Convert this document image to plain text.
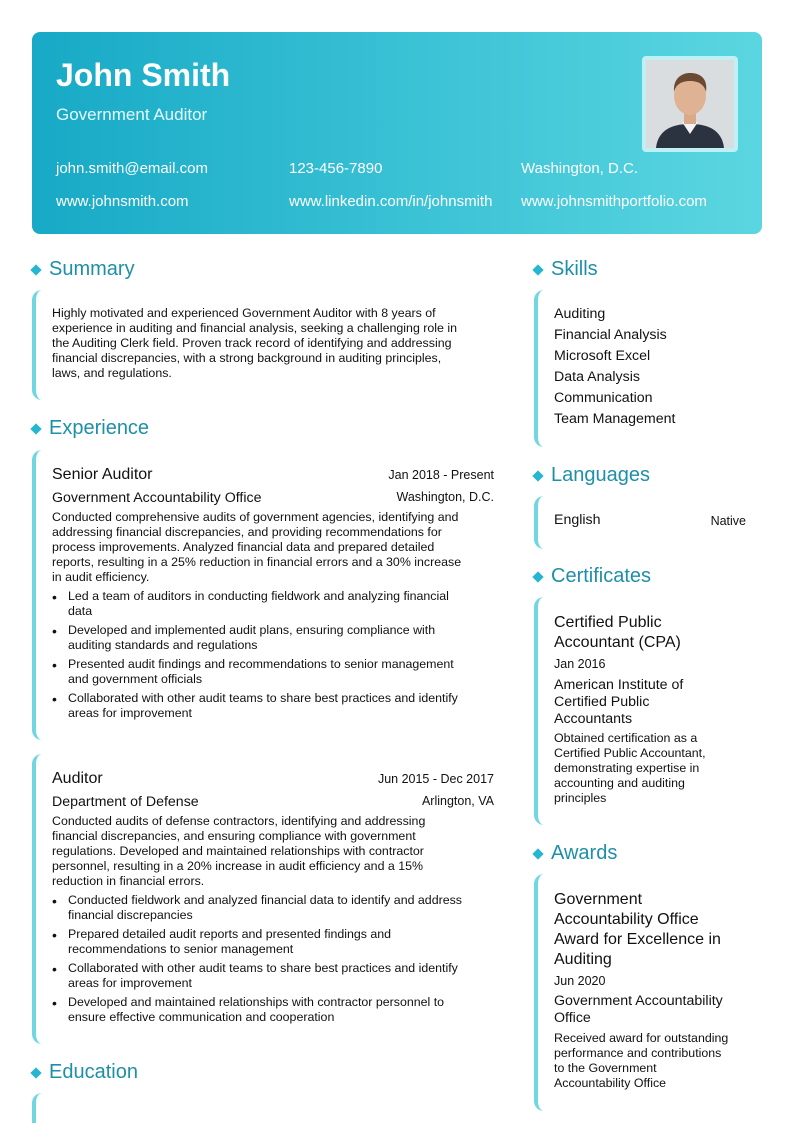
John Smith
Government Auditor
john.smith@email.com	123-456-7890	Washington, D.C.
www.johnsmith.com	www.linkedin.com/in/johnsmith www.johnsmithportfolio.com
Summary
Highly motivated and experienced Government Auditor with 8 years of
experience in auditing and financial analysis, seeking a challenging role in
the Auditing Clerk field. Proven track record of identifying and addressing
financial discrepancies, with a strong background in auditing principles,
laws, and regulations.
Experience
Senior Auditor	Jan 2018 - Present
Government Accountability Office	Washington, D.C.
Conducted comprehensive audits of government agencies, identifying and
addressing financial discrepancies, and providing recommendations for
process improvements. Analyzed financial data and prepared detailed
reports, resulting in a 25% reduction in financial errors and a 30% increase
in audit efficiency.
• Led a team of auditors in conducting fieldwork and analyzing financial
data
• Developed and implemented audit plans, ensuring compliance with
auditing standards and regulations
• Presented audit findings and recommendations to senior management
and government officials
• Collaborated with other audit teams to share best practices and identify
areas for improvement
Auditor	Jun 2015 - Dec 2017
Department of Defense	Arlington, VA
Conducted audits of defense contractors, identifying and addressing
financial discrepancies, and ensuring compliance with government
regulations. Developed and maintained relationships with contractor
personnel, resulting in a 20% increase in audit efficiency and a 15%
reduction in financial errors.
• Conducted fieldwork and analyzed financial data to identify and address
financial discrepancies
• Prepared detailed audit reports and presented findings and
recommendations to senior management
• Collaborated with other audit teams to share best practices and identify
areas for improvement
• Developed and maintained relationships with contractor personnel to
ensure effective communication and cooperation
Education
Skills
Auditing
Financial Analysis
Microsoft Excel
Data Analysis
Communication
Team Management
Languages
English	Native
Certificates
Certified Public
Accountant (CPA)
Jan 2016
American Institute of
Certified Public
Accountants
Obtained certification as a
Certified Public Accountant,
demonstrating expertise in
accounting and auditing
principles
Awards
Government
Accountability Office
Award for Excellence in
Auditing
Jun 2020
Government Accountability
Office
Received award for outstanding
performance and contributions
to the Government
Accountability Office
